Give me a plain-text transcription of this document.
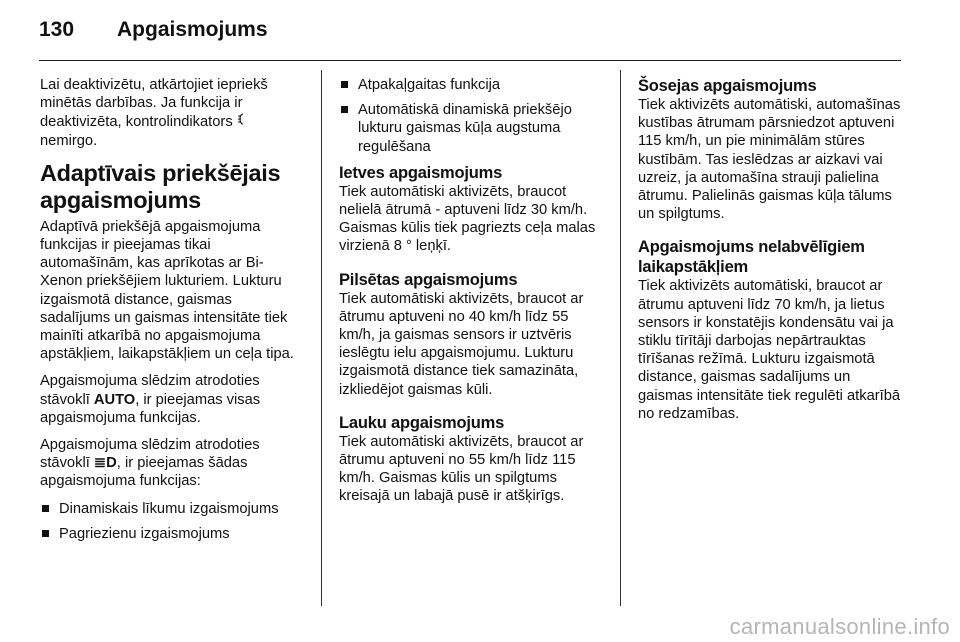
130	Apgaismojums

Lai deaktivizētu, atkārtojiet iepriekš
minētās darbības. Ja funkcija ir
deaktivizēta, kontrolindikators
nemirgo.

Adaptīvais priekšējais apgaismojums

Adaptīvā priekšējā apgaismojuma funkcijas ir pieejamas tikai automašīnām, kas aprīkotas ar Bi-Xenon priekšējiem lukturiem. Lukturu izgaismotā distance, gaismas sadalījums un gaismas intensitāte tiek mainīti atkarībā no apgaismojuma apstākļiem, laikapstākļiem un ceļa tipa.

Apgaismojuma slēdzim atrodoties stāvoklī AUTO, ir pieejamas visas apgaismojuma funkcijas.

Apgaismojuma slēdzim atrodoties stāvoklī ≣D, ir pieejamas šādas apgaismojuma funkcijas:

Dinamiskais līkumu izgaismojums
Pagriezienu izgaismojums
Atpakaļgaitas funkcija
Automātiskā dinamiskā priekšējo lukturu gaismas kūļa augstuma regulēšana
Ietves apgaismojums

Tiek automātiski aktivizēts, braucot nelielā ātrumā - aptuveni līdz 30 km/h. Gaismas kūlis tiek pagriezts ceļa malas virzienā 8 ° leņķī.

Pilsētas apgaismojums

Tiek automātiski aktivizēts, braucot ar ātrumu aptuveni no 40 km/h līdz 55 km/h, ja gaismas sensors ir uztvēris ieslēgtu ielu apgaismojumu. Lukturu izgaismotā distance tiek samazināta, izkliedējot gaismas kūli.

Lauku apgaismojums

Tiek automātiski aktivizēts, braucot ar ātrumu aptuveni no 55 km/h līdz 115 km/h. Gaismas kūlis un spilgtums kreisajā un labajā pusē ir atšķirīgs.

Šosejas apgaismojums

Tiek aktivizēts automātiski, automašīnas kustības ātrumam pārsniedzot aptuveni 115 km/h, un pie minimālām stūres kustībām. Tas ieslēdzas ar aizkavi vai uzreiz, ja automašīna strauji palielina ātrumu. Palielinās gaismas kūļa tālums un spilgtums.

Apgaismojums nelabvēlīgiem laikapstākļiem

Tiek aktivizēts automātiski, braucot ar ātrumu aptuveni līdz 70 km/h, ja lietus sensors ir konstatējis kondensātu vai ja stiklu tīrītāji darbojas nepārtrauktas tīrīšanas režīmā. Lukturu izgaismotā distance, gaismas sadalījums un gaismas intensitāte tiek regulēti atkarībā no redzamības.

carmanualsonline.info
